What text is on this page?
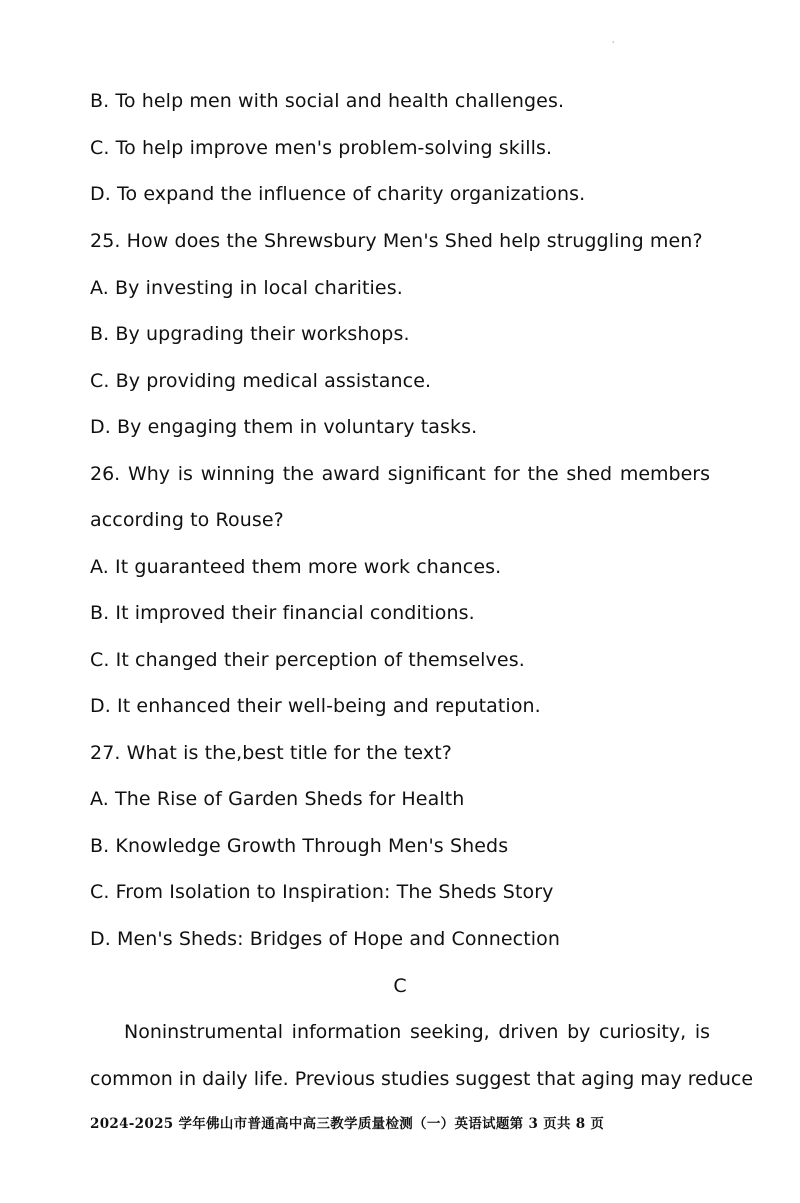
'
B. To help men with social and health challenges.
C. To help improve men's problem-solving skills.
D. To expand the influence of charity organizations.
25. How does the Shrewsbury Men's Shed help struggling men?
A. By investing in local charities.
B. By upgrading their workshops.
C. By providing medical assistance.
D. By engaging them in voluntary tasks.
26. Why is winning the award significant for the shed members
according to Rouse?
A. It guaranteed them more work chances.
B. It improved their financial conditions.
C. It changed their perception of themselves.
D. It enhanced their well-being and reputation.
27. What is the,best title for the text?
A. The Rise of Garden Sheds for Health
B. Knowledge Growth Through Men's Sheds
C. From Isolation to Inspiration: The Sheds Story
D. Men's Sheds: Bridges of Hope and Connection
C
Noninstrumental information seeking, driven by curiosity, is
common in daily life. Previous studies suggest that aging may reduce
2024-2025 学年佛山市普通高中高三教学质量检测（一）英语试题第 3 页共 8 页
